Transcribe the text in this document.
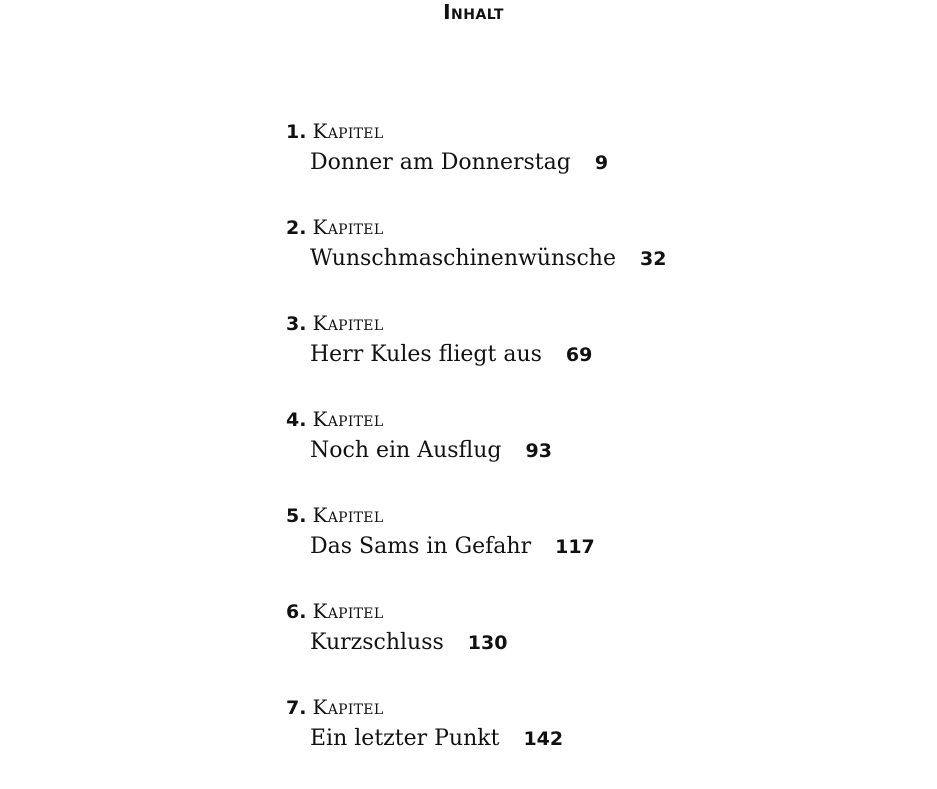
Inhalt
1. Kapitel
Donner am Donnerstag 9
2. Kapitel
Wunschmaschinenwünsche 32
3. Kapitel
Herr Kules fliegt aus 69
4. Kapitel
Noch ein Ausflug 93
5. Kapitel
Das Sams in Gefahr 117
6. Kapitel
Kurzschluss 130
7. Kapitel
Ein letzter Punkt 142
